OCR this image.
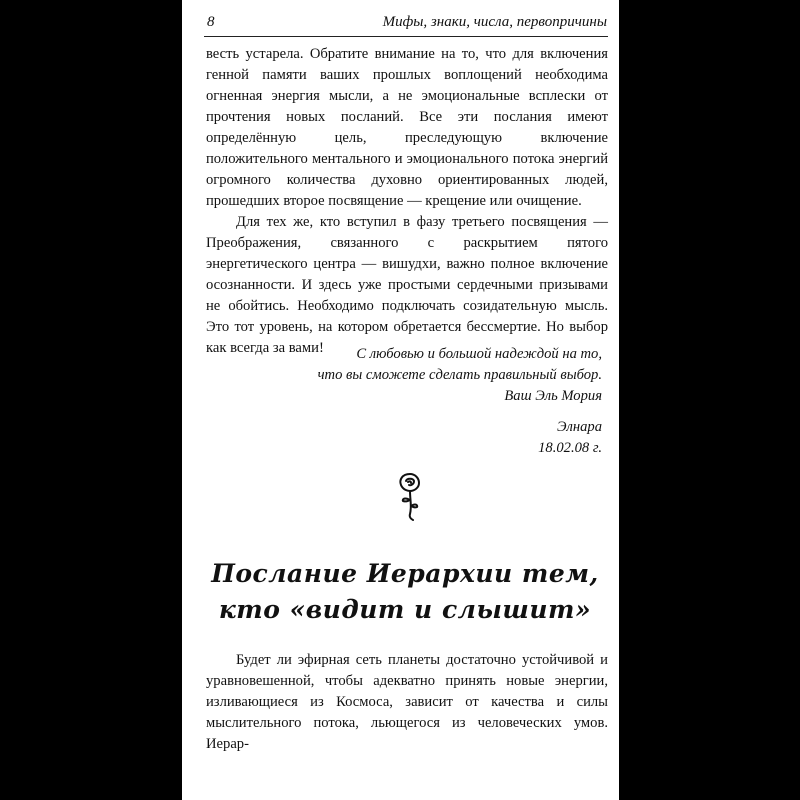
8	Мифы, знаки, числа, первопричины

весть устарела. Обратите внимание на то, что для включения генной памяти ваших прошлых воплощений необходима огненная энергия мысли, а не эмоциональные всплески от прочтения новых посланий. Все эти послания имеют определённую цель, преследующую включение положительного ментального и эмоционального потока энергий огромного количества духовно ориентированных людей, прошедших второе посвящение — крещение или очищение.

Для тех же, кто вступил в фазу третьего посвящения — Преображения, связанного с раскрытием пятого энергетического центра — вишудхи, важно полное включение осознанности. И здесь уже простыми сердечными призывами не обойтись. Необходимо подключать созидательную мысль. Это тот уровень, на котором обретается бессмертие. Но выбор как всегда за вами!	С любовью и большой надеждой на то,
что вы сможете сделать правильный выбор.
Ваш Эль Мория
Элнара
18.02.08 г.
Послание Иерархии тем,
кто «видит и слышит»
Будет ли эфирная сеть планеты достаточно устойчивой и уравновешенной, чтобы адекватно принять новые энергии, изливающиеся из Космоса, зависит от качества и силы мыслительного потока, льющегося из человеческих умов. Иерар-
